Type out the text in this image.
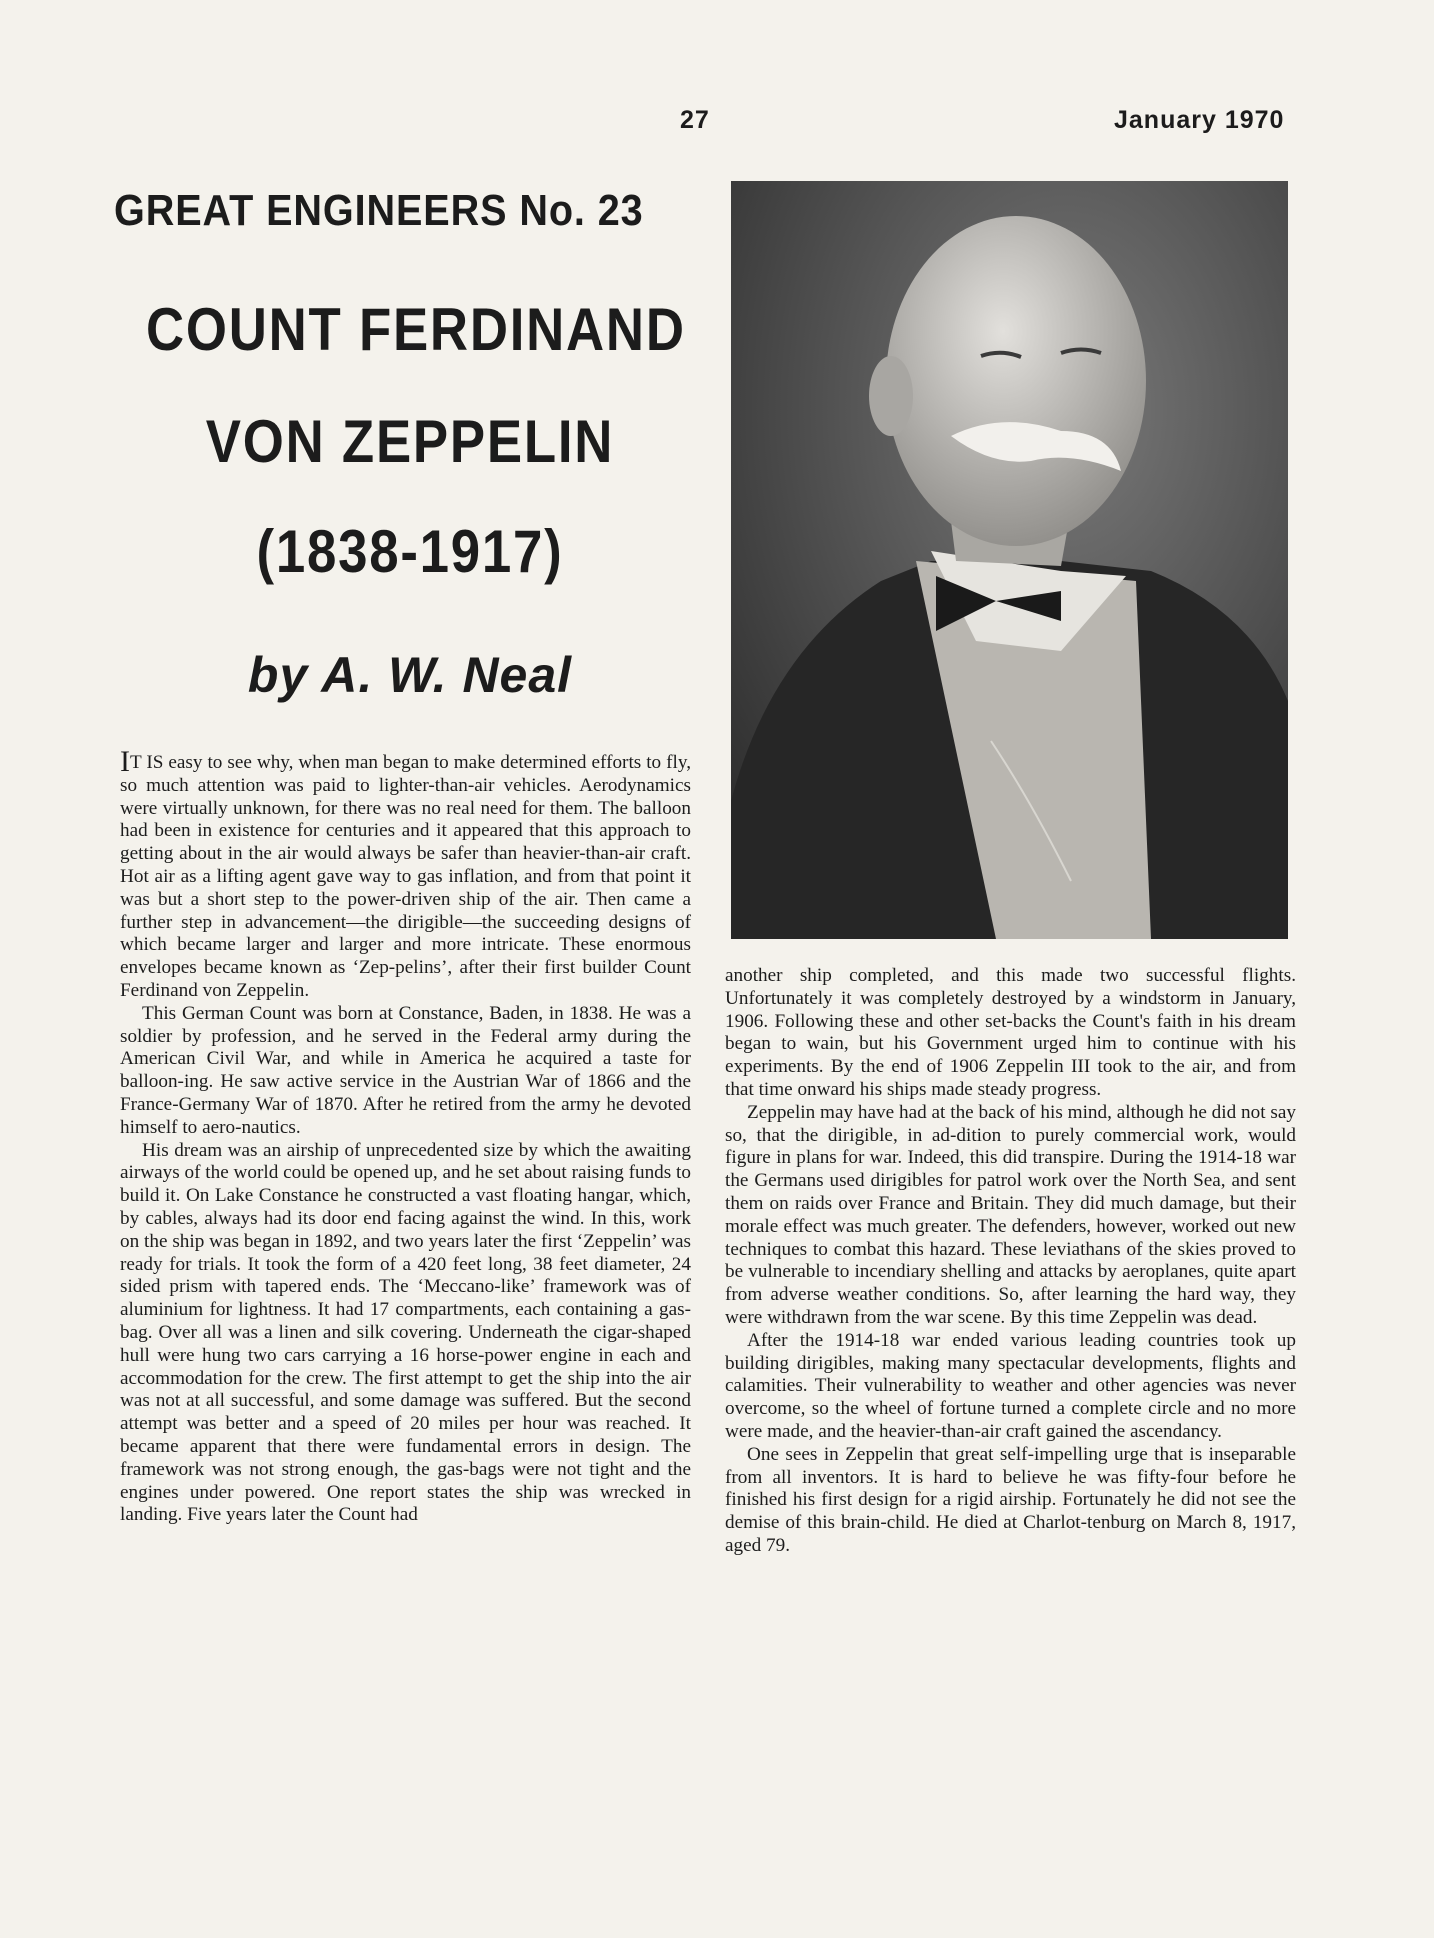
27	January 1970
GREAT ENGINEERS No. 23
COUNT FERDINAND
VON ZEPPELIN
(1838-1917)
by A. W. Neal

IT IS easy to see why, when man began to make determined efforts to fly, so much attention was paid to lighter-than-air vehicles. Aerodynamics were virtually unknown, for there was no real need for them. The balloon had been in existence for centuries and it appeared that this approach to getting about in the air would always be safer than heavier-than-air craft. Hot air as a lifting agent gave way to gas inflation, and from that point it was but a short step to the power-driven ship of the air. Then came a further step in advancement—the dirigible—the succeeding designs of which became larger and larger and more intricate. These enormous envelopes became known as ‘Zep-pelins’, after their first builder Count Ferdinand von Zeppelin.

This German Count was born at Constance, Baden, in 1838. He was a soldier by profession, and he served in the Federal army during the American Civil War, and while in America he acquired a taste for balloon-ing. He saw active service in the Austrian War of 1866 and the France-Germany War of 1870. After he retired from the army he devoted himself to aero-nautics.

His dream was an airship of unprecedented size by which the awaiting airways of the world could be opened up, and he set about raising funds to build it. On Lake Constance he constructed a vast floating hangar, which, by cables, always had its door end facing against the wind. In this, work on the ship was began in 1892, and two years later the first ‘Zeppelin’ was ready for trials. It took the form of a 420 feet long, 38 feet diameter, 24 sided prism with tapered ends. The ‘Meccano-like’ framework was of aluminium for lightness. It had 17 compartments, each containing a gas-bag. Over all was a linen and silk covering. Underneath the cigar-shaped hull were hung two cars carrying a 16 horse-power engine in each and accommodation for the crew. The first attempt to get the ship into the air was not at all successful, and some damage was suffered. But the second attempt was better and a speed of 20 miles per hour was reached. It became apparent that there were fundamental errors in design. The framework was not strong enough, the gas-bags were not tight and the engines under powered. One report states the ship was wrecked in landing. Five years later the Count had

another ship completed, and this made two successful flights. Unfortunately it was completely destroyed by a windstorm in January, 1906. Following these and other set-backs the Count's faith in his dream began to wain, but his Government urged him to continue with his experiments. By the end of 1906 Zeppelin III took to the air, and from that time onward his ships made steady progress.

Zeppelin may have had at the back of his mind, although he did not say so, that the dirigible, in ad-dition to purely commercial work, would figure in plans for war. Indeed, this did transpire. During the 1914-18 war the Germans used dirigibles for patrol work over the North Sea, and sent them on raids over France and Britain. They did much damage, but their morale effect was much greater. The defenders, however, worked out new techniques to combat this hazard. These leviathans of the skies proved to be vulnerable to incendiary shelling and attacks by aeroplanes, quite apart from adverse weather conditions. So, after learning the hard way, they were withdrawn from the war scene. By this time Zeppelin was dead.

After the 1914-18 war ended various leading countries took up building dirigibles, making many spectacular developments, flights and calamities. Their vulnerability to weather and other agencies was never overcome, so the wheel of fortune turned a complete circle and no more were made, and the heavier-than-air craft gained the ascendancy.

One sees in Zeppelin that great self-impelling urge that is inseparable from all inventors. It is hard to believe he was fifty-four before he finished his first design for a rigid airship. Fortunately he did not see the demise of this brain-child. He died at Charlot-tenburg on March 8, 1917, aged 79.
